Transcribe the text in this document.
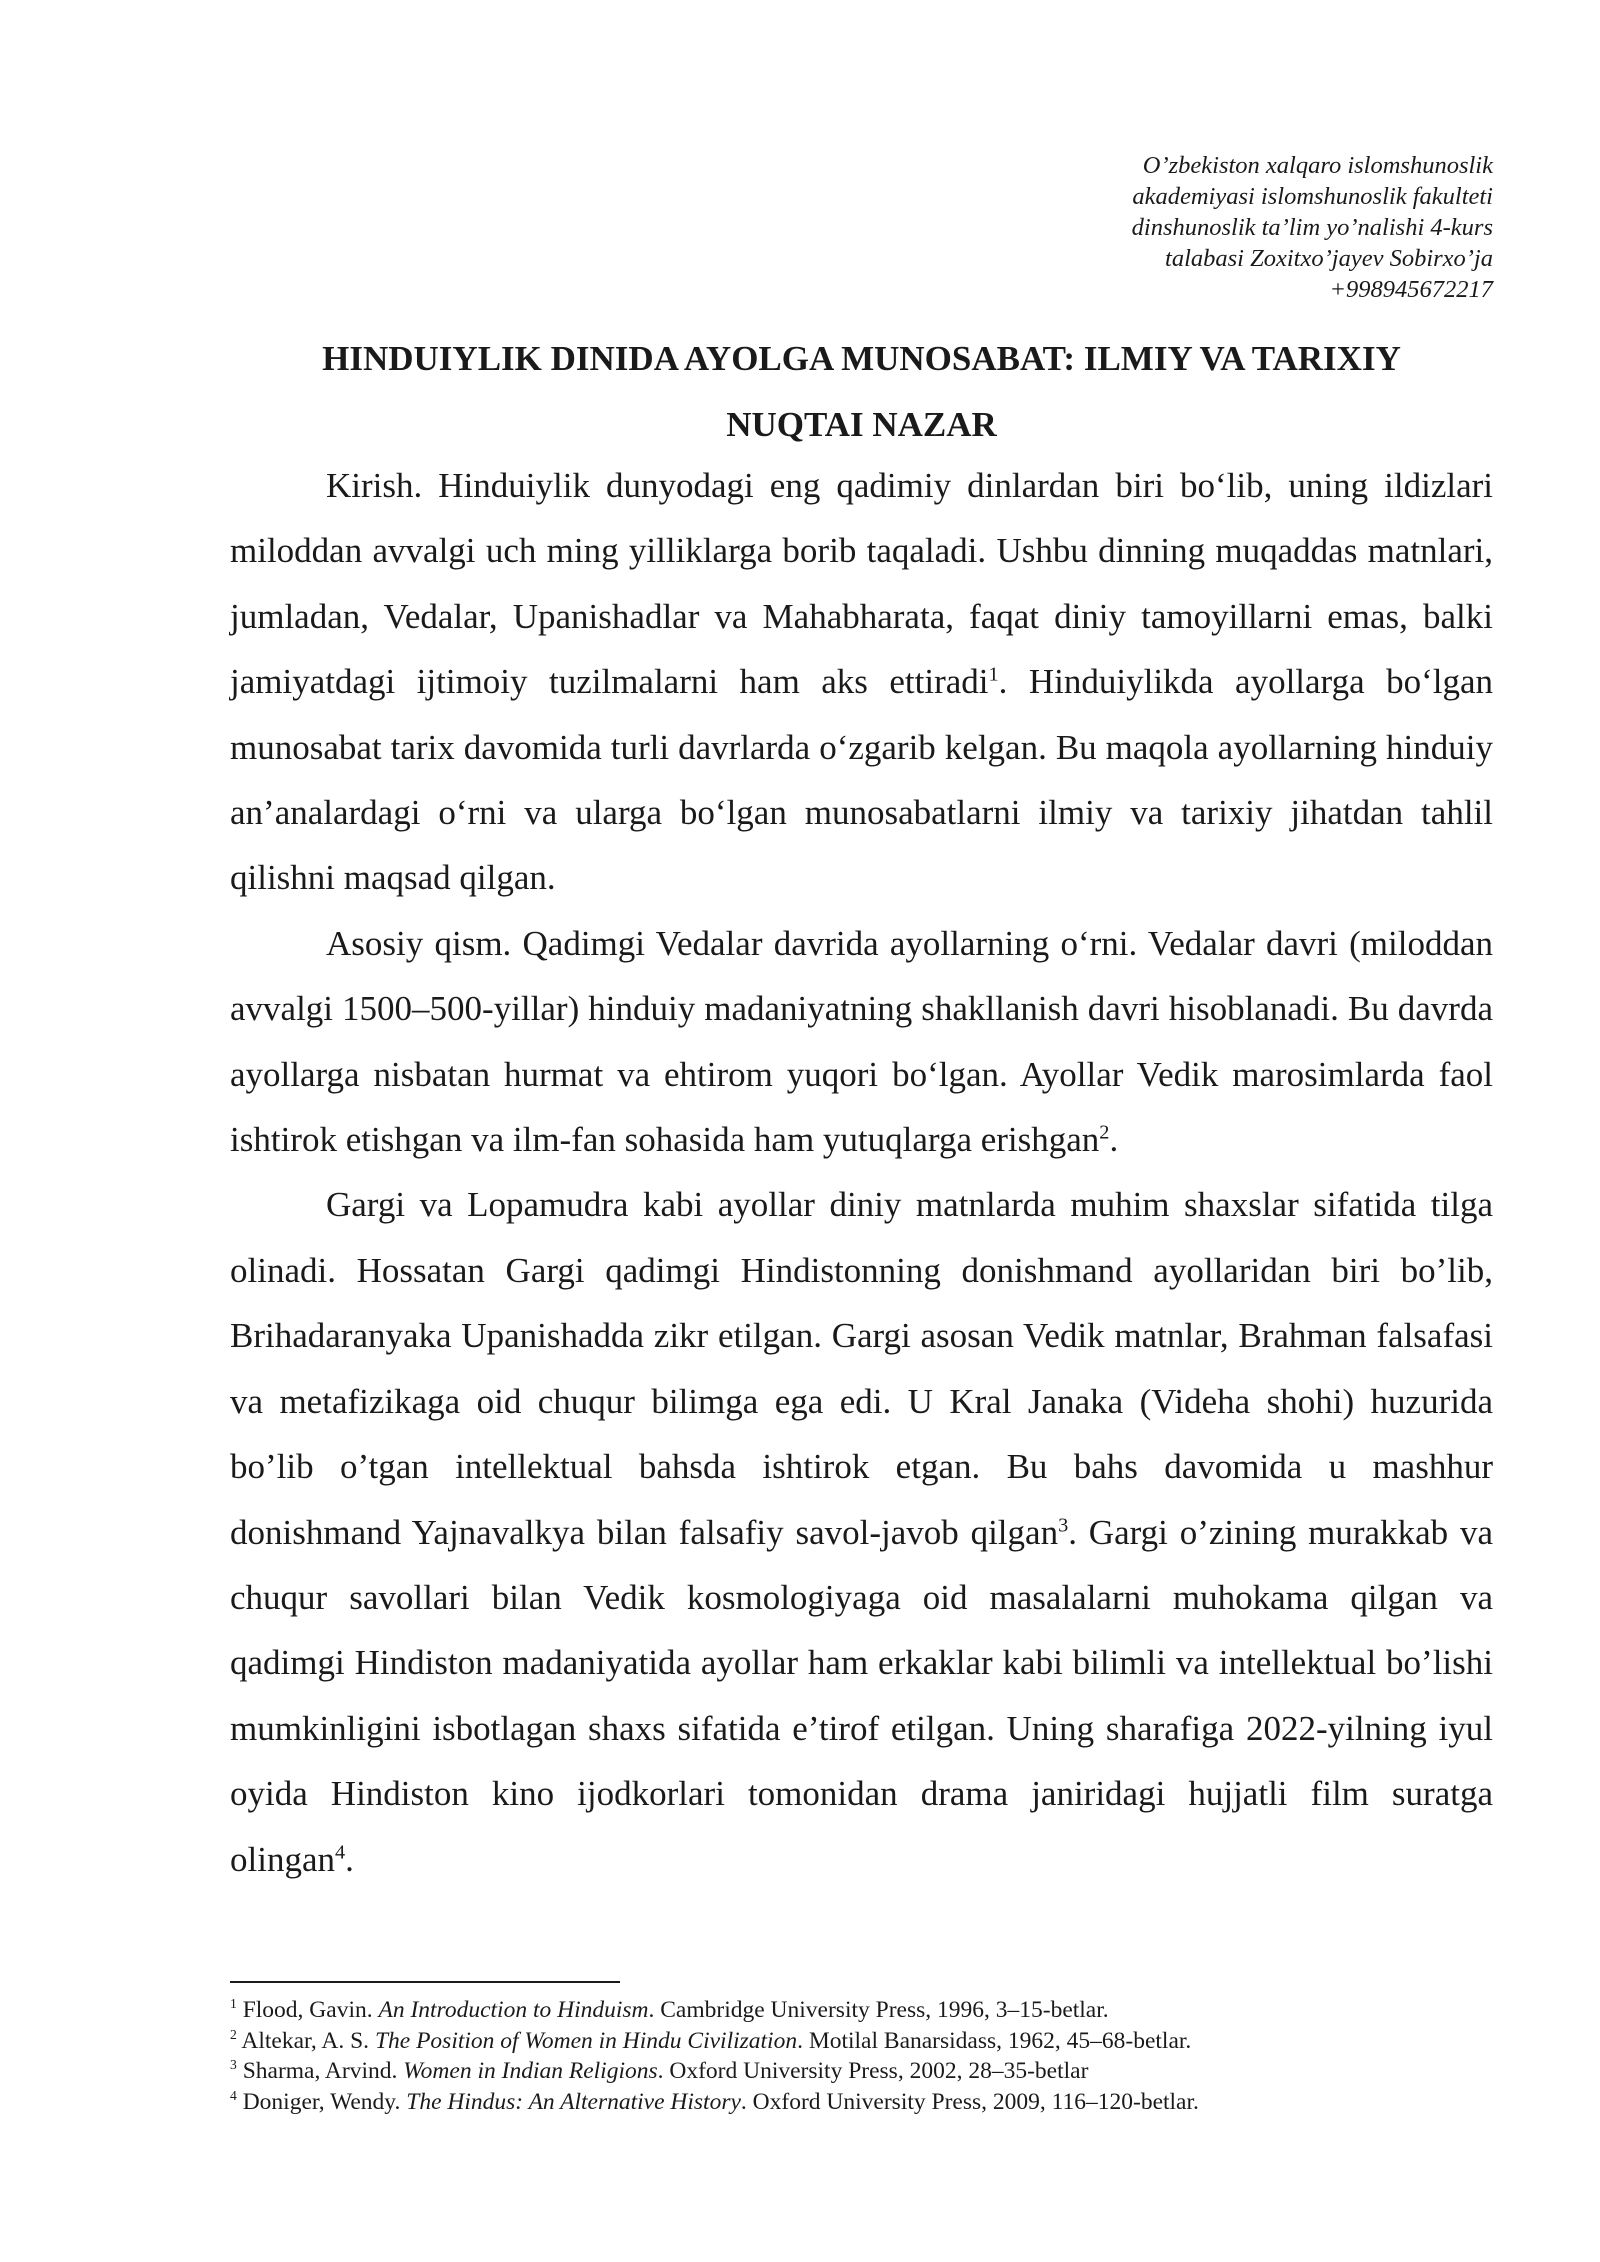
O’zbekiston xalqaro islomshunoslik
akademiyasi islomshunoslik fakulteti
dinshunoslik ta’lim yo’nalishi 4-kurs
talabasi Zoxitxo’jayev Sobirxo’ja
+998945672217
HINDUIYLIK DINIDA AYOLGA MUNOSABAT: ILMIY VA TARIXIY
NUQTAI NAZAR

Kirish. Hinduiylik dunyodagi eng qadimiy dinlardan biri bo‘lib, uning ildizlari miloddan avvalgi uch ming yilliklarga borib taqaladi. Ushbu dinning muqaddas matnlari, jumladan, Vedalar, Upanishadlar va Mahabharata, faqat diniy tamoyillarni emas, balki jamiyatdagi ijtimoiy tuzilmalarni ham aks ettiradi$^1$. Hinduiylikda ayollarga bo‘lgan munosabat tarix davomida turli davrlarda o‘zgarib kelgan. Bu maqola ayollarning hinduiy an’analardagi o‘rni va ularga bo‘lgan munosabatlarni ilmiy va tarixiy jihatdan tahlil qilishni maqsad qilgan.

Asosiy qism. Qadimgi Vedalar davrida ayollarning o‘rni. Vedalar davri (miloddan avvalgi 1500–500-yillar) hinduiy madaniyatning shakllanish davri hisoblanadi. Bu davrda ayollarga nisbatan hurmat va ehtirom yuqori bo‘lgan. Ayollar Vedik marosimlarda faol ishtirok etishgan va ilm-fan sohasida ham yutuqlarga erishgan$^2$.

Gargi va Lopamudra kabi ayollar diniy matnlarda muhim shaxslar sifatida tilga olinadi. Hossatan Gargi qadimgi Hindistonning donishmand ayollaridan biri bo’lib, Brihadaranyaka Upanishadda zikr etilgan. Gargi asosan Vedik matnlar, Brahman falsafasi va metafizikaga oid chuqur bilimga ega edi. U Kral Janaka (Videha shohi) huzurida bo’lib o’tgan intellektual bahsda ishtirok etgan. Bu bahs davomida u mashhur donishmand Yajnavalkya bilan falsafiy savol-javob qilgan$^3$. Gargi o’zining murakkab va chuqur savollari bilan Vedik kosmologiyaga oid masalalarni muhokama qilgan va qadimgi Hindiston madaniyatida ayollar ham erkaklar kabi bilimli va intellektual bo’lishi mumkinligini isbotlagan shaxs sifatida e’tirof etilgan. Uning sharafiga 2022-yilning iyul oyida Hindiston kino ijodkorlari tomonidan drama janiridagi hujjatli film suratga olingan$^4$.

$^1$ Flood, Gavin. An Introduction to Hinduism. Cambridge University Press, 1996, 3–15-betlar.
$^2$ Altekar, A. S. The Position of Women in Hindu Civilization. Motilal Banarsidass, 1962, 45–68-betlar.
$^3$ Sharma, Arvind. Women in Indian Religions. Oxford University Press, 2002, 28–35-betlar
$^4$ Doniger, Wendy. The Hindus: An Alternative History. Oxford University Press, 2009, 116–120-betlar.
